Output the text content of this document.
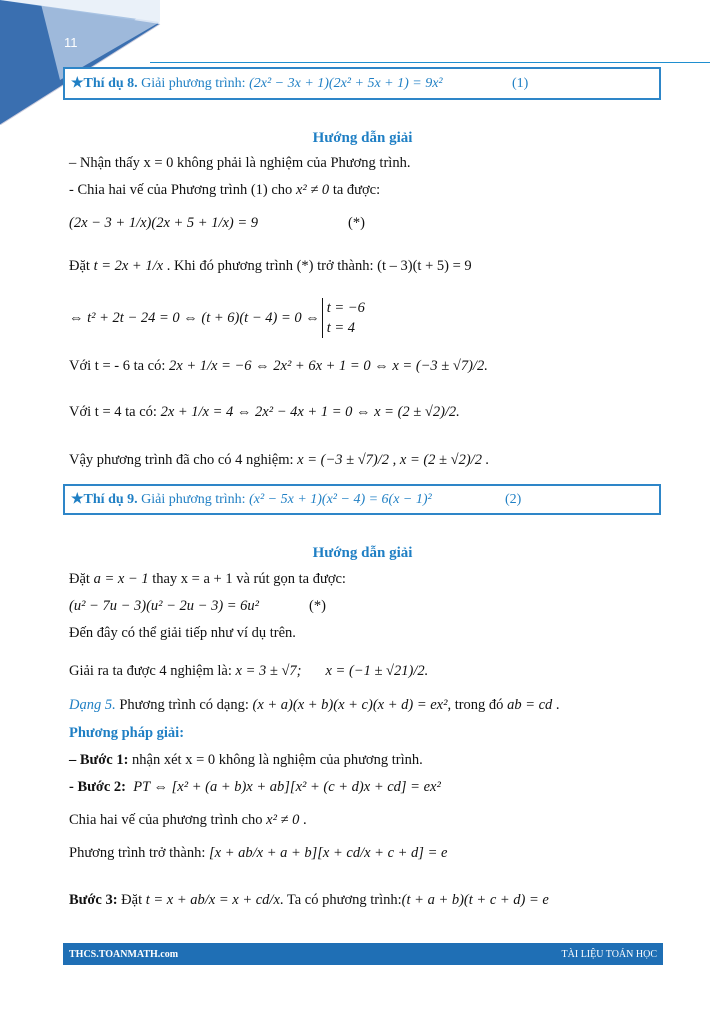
11
★Thí dụ 8.
Giải phương trình:
(2x² − 3x + 1)(2x² + 5x + 1) = 9x²	(1)
Hướng dẫn giải
– Nhận thấy x = 0 không phải là nghiệm của Phương trình.
- Chia hai vế của Phương trình (1) cho
x² ≠ 0
ta được:
(2x − 3 + 1/x)(2x + 5 + 1/x) = 9	(*)
Đặt
t = 2x + 1/x
. Khi đó phương trình (*) trở thành: (t – 3)(t + 5) = 9
⇔ t² + 2t − 24 = 0 ⇔ (t + 6)(t − 4) = 0 ⇔
t = −6
t = 4
Với t = - 6 ta có:
2x + 1/x = −6 ⇔ 2x² + 6x + 1 = 0 ⇔ x = (−3 ± √7)/2.
Với t = 4 ta có:
2x + 1/x = 4 ⇔ 2x² − 4x + 1 = 0 ⇔ x = (2 ± √2)/2.
Vậy phương trình đã cho có 4 nghiệm:
x = (−3 ± √7)/2 , x = (2 ± √2)/2 .
★Thí dụ 9.
Giải phương trình:
(x² − 5x + 1)(x² − 4) = 6(x − 1)²	(2)
Hướng dẫn giải
Đặt
a = x − 1
thay x = a + 1 và rút gọn ta được:
(u² − 7u − 3)(u² − 2u − 3) = 6u²	(*)
Đến đây có thể giải tiếp như ví dụ trên.
Giải ra ta được 4 nghiệm là:
x = 3 ± √7; x = (−1 ± √21)/2.
Dạng 5.
Phương trình có dạng:
(x + a)(x + b)(x + c)(x + d) = ex² , trong đó
ab = cd
.
Phương pháp giải:
– Bước 1:
nhận xét x = 0 không là nghiệm của phương trình.
- Bước 2:
PT ⇔ [x² + (a + b)x + ab][x² + (c + d)x + cd] = ex²
Chia hai vế của phương trình cho
x² ≠ 0
.
Phương trình trở thành:
[x + ab/x + a + b][x + cd/x + c + d] = e
Bước 3:
Đặt
t = x + ab/x = x + cd/x . Ta có phương trình: (t + a + b)(t + c + d) = e
THCS.TOANMATH.com	TÀI LIỆU TOÁN HỌC
